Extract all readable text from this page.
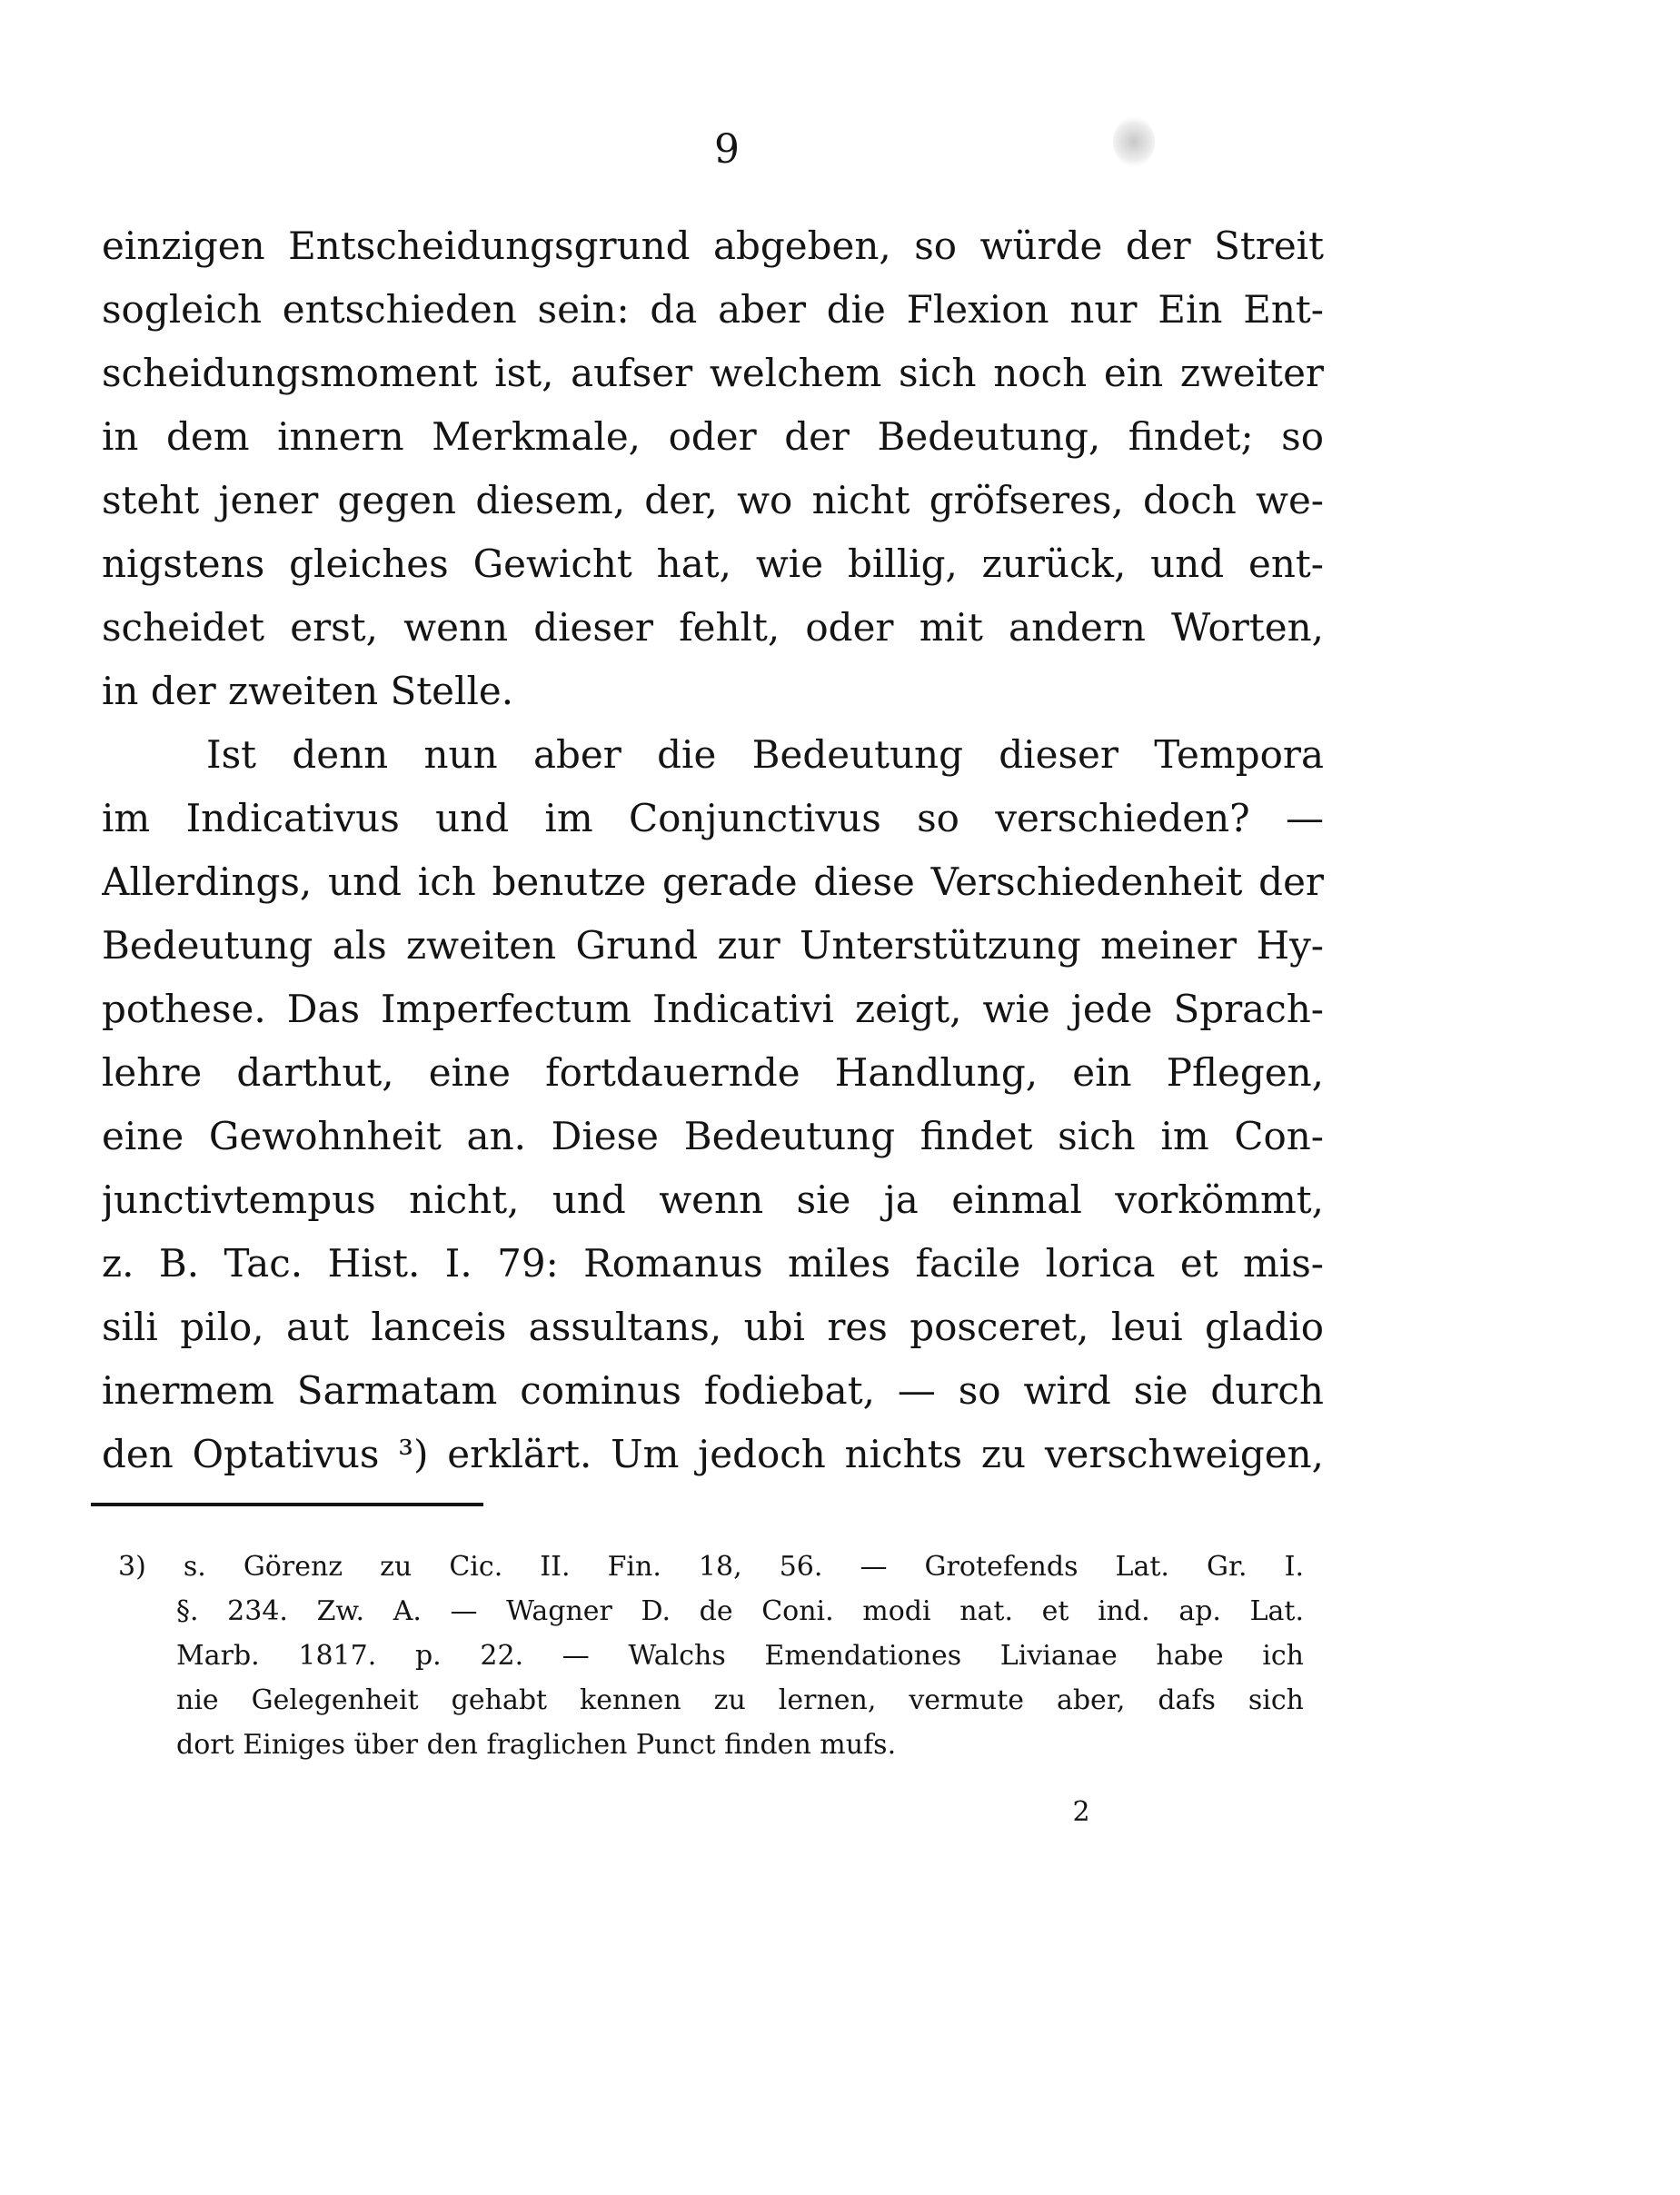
9
einzigen Entscheidungsgrund abgeben, so würde der Streit
sogleich entschieden sein: da aber die Flexion nur Ein Ent-
scheidungsmoment ist, aufser welchem sich noch ein zweiter
in dem innern Merkmale, oder der Bedeutung, findet; so
steht jener gegen diesem, der, wo nicht gröfseres, doch we-
nigstens gleiches Gewicht hat, wie billig, zurück, und ent-
scheidet erst, wenn dieser fehlt, oder mit andern Worten,
in der zweiten Stelle.
Ist denn nun aber die Bedeutung dieser Tempora
im Indicativus und im Conjunctivus so verschieden? —
Allerdings, und ich benutze gerade diese Verschiedenheit der
Bedeutung als zweiten Grund zur Unterstützung meiner Hy-
pothese. Das Imperfectum Indicativi zeigt, wie jede Sprach-
lehre darthut, eine fortdauernde Handlung, ein Pflegen,
eine Gewohnheit an. Diese Bedeutung findet sich im Con-
junctivtempus nicht, und wenn sie ja einmal vorkömmt,
z. B. Tac. Hist. I. 79: Romanus miles facile lorica et mis-
sili pilo, aut lanceis assultans, ubi res posceret, leui gladio
inermem Sarmatam cominus fodiebat, — so wird sie durch
den Optativus ³) erklärt. Um jedoch nichts zu verschweigen,
3) s. Görenz zu Cic. II. Fin. 18, 56. — Grotefends Lat. Gr. I.
§. 234. Zw. A. — Wagner D. de Coni. modi nat. et ind. ap. Lat.
Marb. 1817. p. 22. — Walchs Emendationes Livianae habe ich
nie Gelegenheit gehabt kennen zu lernen, vermute aber, dafs sich
dort Einiges über den fraglichen Punct finden mufs.
2
